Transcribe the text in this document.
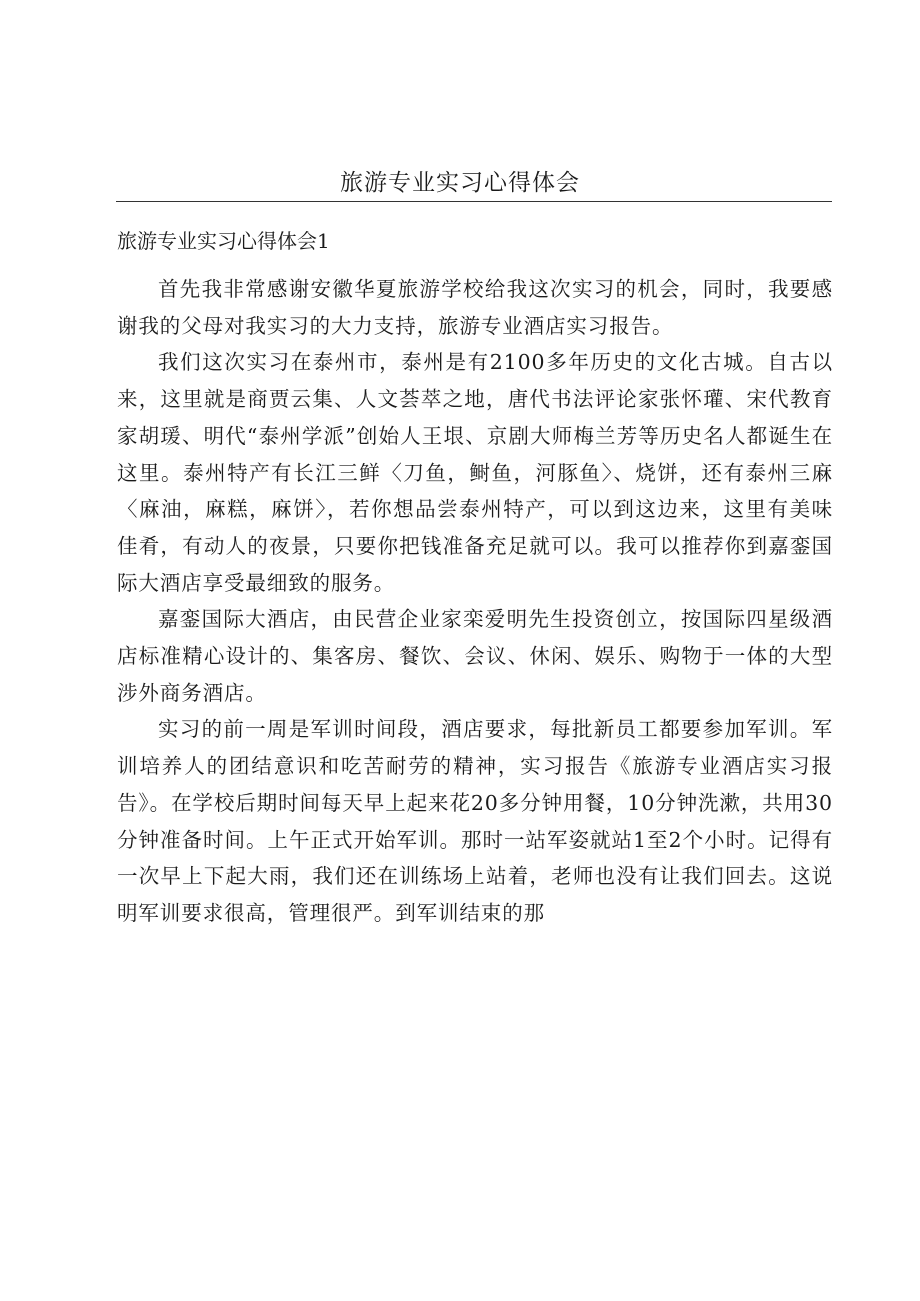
旅游专业实习心得体会

旅游专业实习心得体会1

首先我非常感谢安徽华夏旅游学校给我这次实习的机会，同时，我要感谢我的父母对我实习的大力支持，旅游专业酒店实习报告。

我们这次实习在泰州市，泰州是有2100多年历史的文化古城。自古以来，这里就是商贾云集、人文荟萃之地，唐代书法评论家张怀瓘、宋代教育家胡瑗、明代“泰州学派”创始人王垠、京剧大师梅兰芳等历史名人都诞生在这里。泰州特产有长江三鲜〈刀鱼，鲥鱼，河豚鱼〉、烧饼，还有泰州三麻〈麻油，麻糕，麻饼〉，若你想品尝泰州特产，可以到这边来，这里有美味佳肴，有动人的夜景，只要你把钱准备充足就可以。我可以推荐你到嘉銮国际大酒店享受最细致的服务。

嘉銮国际大酒店，由民营企业家栾爱明先生投资创立，按国际四星级酒店标准精心设计的、集客房、餐饮、会议、休闲、娱乐、购物于一体的大型涉外商务酒店。

实习的前一周是军训时间段，酒店要求，每批新员工都要参加军训。军训培养人的团结意识和吃苦耐劳的精神，实习报告《旅游专业酒店实习报告》。在学校后期时间每天早上起来花20多分钟用餐，10分钟洗漱，共用30分钟准备时间。上午正式开始军训。那时一站军姿就站1至2个小时。记得有一次早上下起大雨，我们还在训练场上站着，老师也没有让我们回去。这说明军训要求很高，管理很严。到军训结束的那
